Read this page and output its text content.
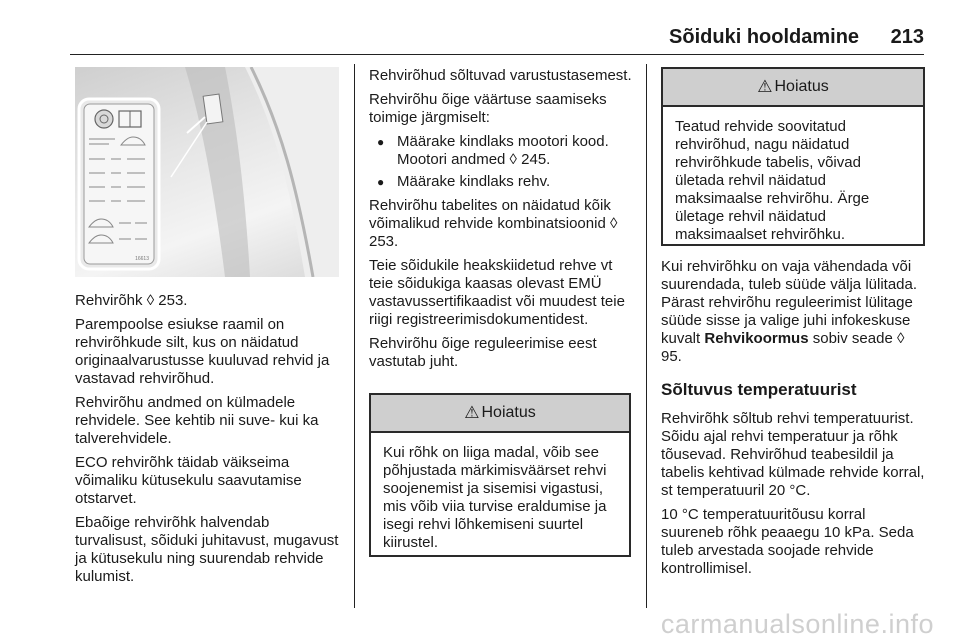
Sõiduki hooldamine 213
16613

Rehvirõhk ◊ 253.

Parempoolse esiukse raamil on rehvirõhkude silt, kus on näidatud originaalvarustusse kuuluvad rehvid ja vastavad rehvirõhud.

Rehvirõhu andmed on külmadele rehvidele. See kehtib nii suve- kui ka talverehvidele.

ECO rehvirõhk täidab väikseima võimaliku kütusekulu saavutamise otstarvet.

Ebaõige rehvirõhk halvendab turvalisust, sõiduki juhitavust, mugavust ja kütusekulu ning suurendab rehvide kulumist.

Rehvirõhud sõltuvad varustustasemest.

Rehvirõhu õige väärtuse saamiseks toimige järgmiselt:

● Määrake kindlaks mootori kood. Mootori andmed ◊ 245.
● Määrake kindlaks rehv.

Rehvirõhu tabelites on näidatud kõik võimalikud rehvide kombinatsioonid ◊ 253.

Teie sõidukile heakskiidetud rehve vt teie sõidukiga kaasas olevast EMÜ vastavussertifikaadist või muudest teie riigi registreerimisdokumentidest.

Rehvirõhu õige reguleerimise eest vastutab juht.

⚠ Hoiatus
Kui rõhk on liiga madal, võib see põhjustada märkimisväärset rehvi soojenemist ja sisemisi vigastusi, mis võib viia turvise eraldumise ja isegi rehvi lõhkemiseni suurtel kiirustel.
⚠ Hoiatus
Teatud rehvide soovitatud rehvirõhud, nagu näidatud rehvirõhkude tabelis, võivad ületada rehvil näidatud maksimaalse rehvirõhu. Ärge ületage rehvil näidatud maksimaalset rehvirõhku.

Kui rehvirõhku on vaja vähendada või suurendada, tuleb süüde välja lülitada. Pärast rehvirõhu reguleerimist lülitage süüde sisse ja valige juhi infokeskuse kuvalt Rehvikoormus sobiv seade ◊ 95.

Sõltuvus temperatuurist

Rehvirõhk sõltub rehvi temperatuurist. Sõidu ajal rehvi temperatuur ja rõhk tõusevad. Rehvirõhud teabesildil ja tabelis kehtivad külmade rehvide korral, st temperatuuril 20 °C.

10 °C temperatuuritõusu korral suureneb rõhk peaaegu 10 kPa. Seda tuleb arvestada soojade rehvide kontrollimisel.

carmanualsonline.info
